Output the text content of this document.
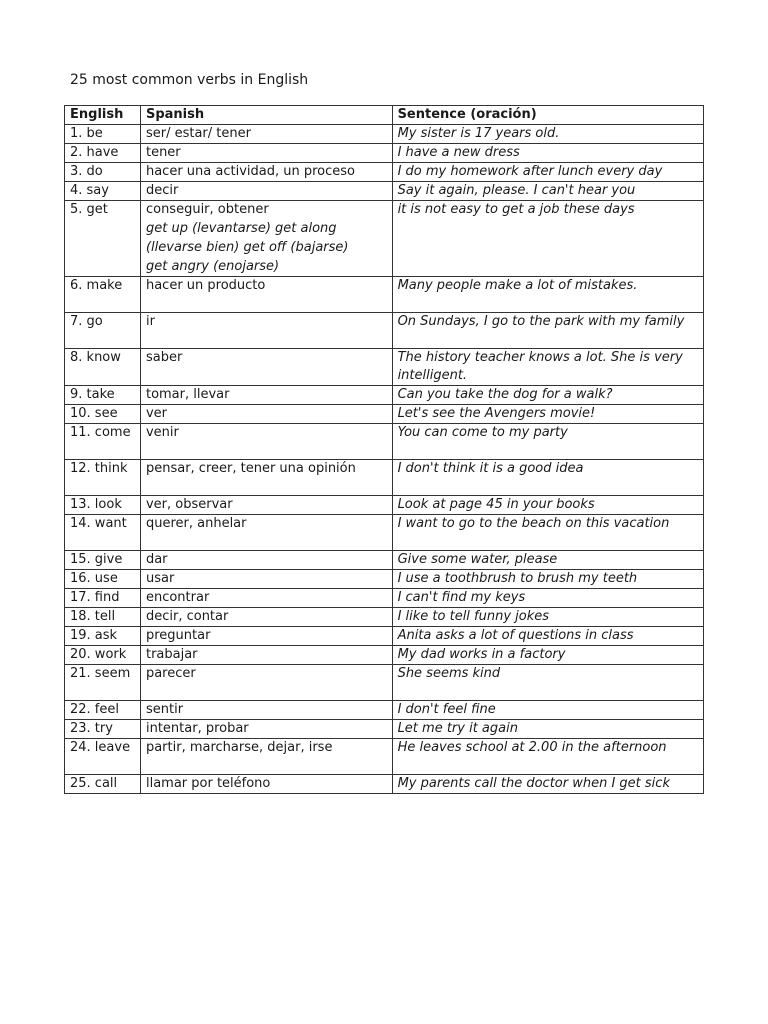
25 most common verbs in English
English	Spanish	Sentence (oración)
1. be	ser/ estar/ tener	My sister is 17 years old.
2. have	tener	I have a new dress
3. do	hacer una actividad, un proceso	I do my homework after lunch every day
4. say	decir	Say it again, please. I can't hear you
5. get	conseguir, obtener
get up (levantarse) get along
(llevarse bien) get off (bajarse)
get angry (enojarse)	it is not easy to get a job these days
6. make	hacer un producto	Many people make a lot of mistakes.
7. go	ir	On Sundays, I go to the park with my family
8. know	saber	The history teacher knows a lot. She is very intelligent.
9. take	tomar, llevar	Can you take the dog for a walk?
10. see	ver	Let's see the Avengers movie!
11. come	venir	You can come to my party
12. think	pensar, creer, tener una opinión	I don't think it is a good idea
13. look	ver, observar	Look at page 45 in your books
14. want	querer, anhelar	I want to go to the beach on this vacation
15. give	dar	Give some water, please
16. use	usar	I use a toothbrush to brush my teeth
17. find	encontrar	I can't find my keys
18. tell	decir, contar	I like to tell funny jokes
19. ask	preguntar	Anita asks a lot of questions in class
20. work	trabajar	My dad works in a factory
21. seem	parecer	She seems kind
22. feel	sentir	I don't feel fine
23. try	intentar, probar	Let me try it again
24. leave	partir, marcharse, dejar, irse	He leaves school at 2.00 in the afternoon
25. call	llamar por teléfono	My parents call the doctor when I get sick
